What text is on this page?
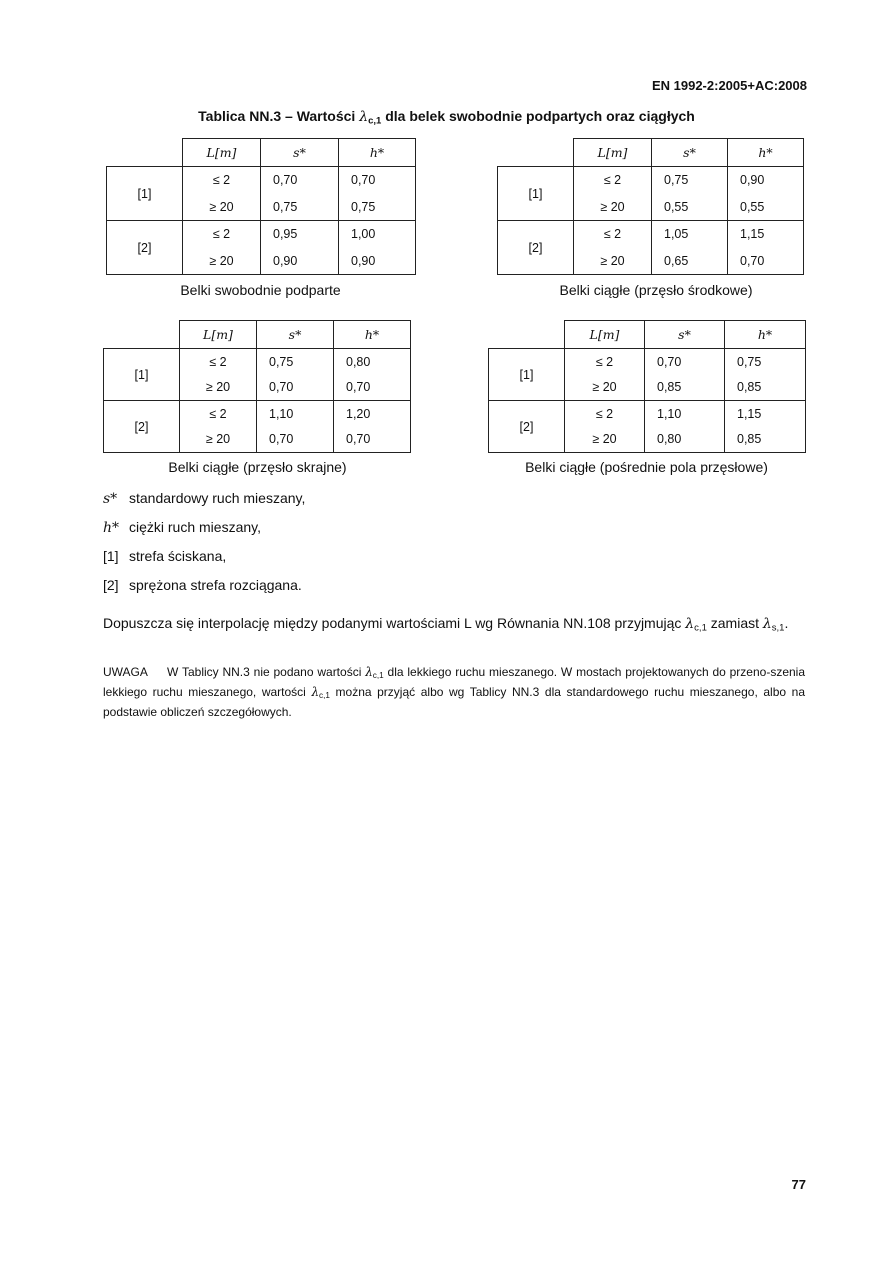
EN 1992-2:2005+AC:2008
Tablica NN.3 – Wartości $\lambda_{c,1}$ dla belek swobodnie podpartych oraz ciągłych
	L[m]	s*	h*
[1]	≤ 2	0,70	0,70
	≥ 20	0,75	0,75
[2]	≤ 2	0,95	1,00
	≥ 20	0,90	0,90
Belki swobodnie podparte
	L[m]	s*	h*
[1]	≤ 2	0,75	0,90
	≥ 20	0,55	0,55
[2]	≤ 2	1,05	1,15
	≥ 20	0,65	0,70
Belki ciągłe (przęsło środkowe)
	L[m]	s*	h*
[1]	≤ 2	0,75	0,80
	≥ 20	0,70	0,70
[2]	≤ 2	1,10	1,20
	≥ 20	0,70	0,70
Belki ciągłe (przęsło skrajne)
	L[m]	s*	h*
[1]	≤ 2	0,70	0,75
	≥ 20	0,85	0,85
[2]	≤ 2	1,10	1,15
	≥ 20	0,80	0,85
Belki ciągłe (pośrednie pola przęsłowe)
s* standardowy ruch mieszany,
h* ciężki ruch mieszany,
[1] strefa ściskana,
[2] sprężona strefa rozciągana.
Dopuszcza się interpolację między podanymi wartościami L wg Równania NN.108 przyjmując $\lambda_{c,1}$ zamiast $\lambda_{s,1}$.
UWAGA W Tablicy NN.3 nie podano wartości $\lambda_{c,1}$ dla lekkiego ruchu mieszanego. W mostach projektowanych do przeno-szenia lekkiego ruchu mieszanego, wartości $\lambda_{c,1}$ można przyjąć albo wg Tablicy NN.3 dla standardowego ruchu mieszanego, albo na podstawie obliczeń szczegółowych.
77
